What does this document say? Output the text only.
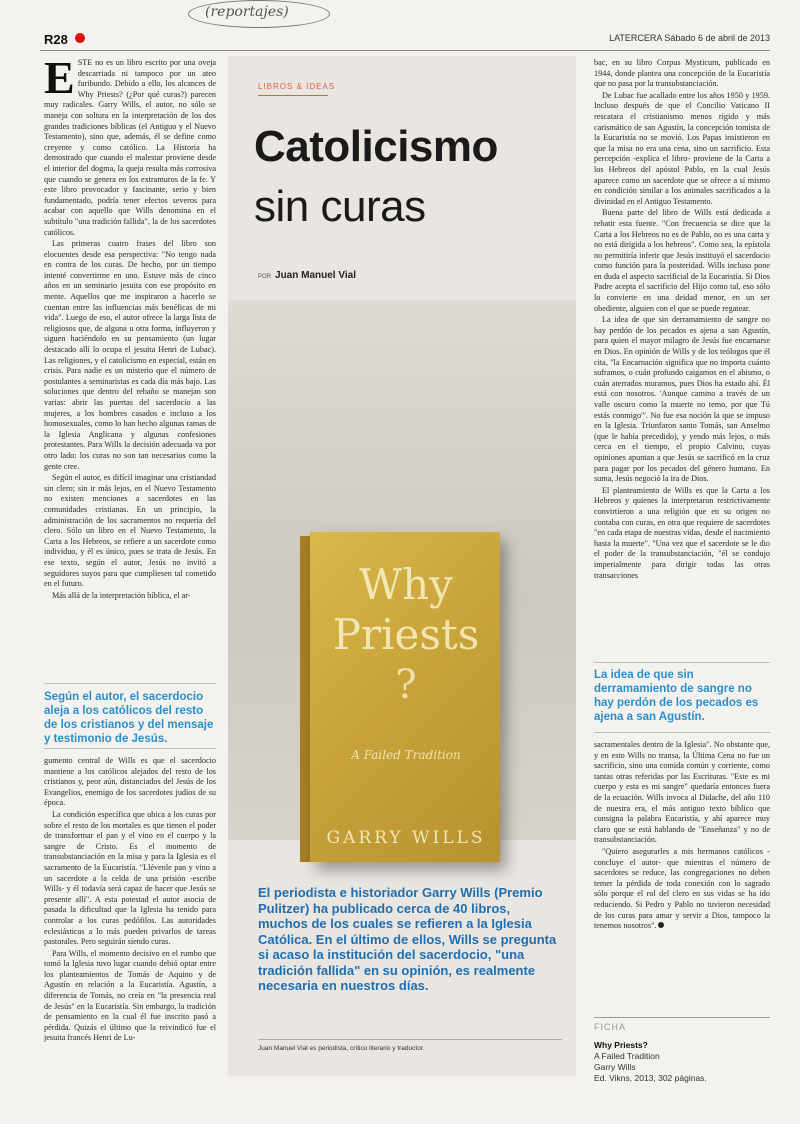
(reportajes)
R28	LATERCERA Sábado 6 de abril de 2013
E STE no es un libro escrito por una oveja descarriada ni tampoco por un ateo furibundo. Debido a ello, los alcances de Why Priests? (¿Por qué curas?) parecen muy radicales. Garry Wills, el autor, no sólo se maneja con soltura en la interpretación de los dos grandes tradiciones bíblicas (el Antiguo y el Nuevo Testamento), sino que, además, él se define como creyente y como católico. La Historia ha demostrado que cuando el malestar proviene desde el interior del dogma, la queja resulta más corrosiva que cuando se genera en los extramuros de la fe. Y este libro provocador y fascinante, serio y bien fundamentado, podría tener efectos severos para acabar con aquello que Wills denomina en el subtítulo "una tradición fallida", la de los sacerdotes católicos.

Las primeras cuatro frases del libro son elocuentes desde esa perspectiva: "No tengo nada en contra de los curas. De hecho, por un tiempo intenté convertirme en uno. Estuve más de cinco años en un seminario jesuita con ese propósito en mente. Aquellos que me inspiraron a hacerlo se cuentan entre las influencias más benéficas de mi vida". Luego de eso, el autor ofrece la larga lista de religiosos que, de alguna u otra forma, influyeron y siguen haciéndolo en su pensamiento (un lugar destacado allí lo ocupa el jesuita Henri de Lubac). Las religiones, y el catolicismo en especial, están en crisis. Para nadie es un misterio que el número de postulantes a seminaristas es cada día más bajo. Las soluciones que dentro del rebaño se manejan son varias: abrir las puertas del sacerdocio a las mujeres, a los hombres casados e incluso a los homosexuales, como lo han hecho algunas ramas de la Iglesia Anglicana y algunas confesiones protestantes. Para Wills la decisión adecuada va por otro lado: los curas no son tan necesarios como la gente cree.

Según el autor, es difícil imaginar una cristiandad sin clero; sin ir más lejos, en el Nuevo Testamento no existen menciones a sacerdotes en las comunidades cristianas. En un principio, la administración de los sacramentos no requería del clero. Sólo un libro en el Nuevo Testamento, la Carta a los Hebreos, se refiere a un sacerdote como individuo, y él es único, pues se trata de Jesús. En ese texto, según el autor, Jesús no invitó a seguidores suyos para que cumpliesen tal cometido en el futuro.

Más allá de la interpretación bíblica, el ar-

Según el autor, el sacerdocio aleja a los católicos del resto de los cristianos y del mensaje y testimonio de Jesús.

gumento central de Wills es que el sacerdocio mantiene a los católicos alejados del resto de los cristianos y, peor aún, distanciados del Jesús de los Evangelios, enemigo de los sacerdotes judíos de su época.

La condición específica que ubica a los curas por sobre el resto de los mortales es que tienen el poder de transformar el pan y el vino en el cuerpo y la sangre de Cristo. Es el momento de transubstanciación en la misa y para la Iglesia es el sacramento de la Eucaristía. "Llévenle pan y vino a un sacerdote a la celda de una prisión -escribe Wills- y él todavía será capaz de hacer que Jesús se presente allí". A esta potestad el autor asocia de pasada la dificultad que la Iglesia ha tenido para controlar a los curas pedófilos. Las autoridades eclesiásticas a lo más pueden privarlos de tareas pastorales. Pero seguirán siendo curas.

Para Wills, el momento decisivo en el rumbo que tomó la Iglesia tuvo lugar cuando debió optar entre los planteamientos de Tomás de Aquino y de Agustín en relación a la Eucaristía. Agustín, a diferencia de Tomás, no creía en "la presencia real de Jesús" en la Eucaristía. Sin embargo, la tradición de pensamiento en la cual él fue inscrito pasó a pérdida. Quizás el último que la reivindicó fue el jesuita francés Henri de Lu-

LIBROS & IDEAS
Catolicismo
sin curas
POR Juan Manuel Vial
Why
Priests
?
A Failed Tradition
GARRY WILLS
El periodista e historiador Garry Wills (Premio Pulitzer) ha publicado cerca de 40 libros, muchos de los cuales se refieren a la Iglesia Católica. En el último de ellos, Wills se pregunta si acaso la institución del sacerdocio, "una tradición fallida" en su opinión, es realmente necesaria en nuestros días.
Juan Manuel Vial es periodista, crítico literario y traductor.

bac, en su libro Corpus Mysticum, publicado en 1944, donde plantea una concepción de la Eucaristía que no pasa por la transubstanciación.

De Lubac fue acallado entre los años 1950 y 1959. Incluso después de que el Concilio Vaticano II rescatara el cristianismo menos rígido y más carismático de san Agustín, la concepción tomista de la Eucaristía no se movió. Los Papas insistieron en que la misa no era una cena, sino un sacrificio. Esta percepción -explica el libro- proviene de la Carta a los Hebreos del apóstol Pablo, en la cual Jesús aparece como un sacerdote que se ofrece a sí mismo en condición similar a los animales sacrificados a la divinidad en el Antiguo Testamento.

Buena parte del libro de Wills está dedicada a rebatir esta fuente. "Con frecuencia se dice que la Carta a los Hebreos no es de Pablo, no es una carta y no está dirigida a los hebreos". Como sea, la epístola no permitiría inferir que Jesús instituyó el sacerdocio como función para la posteridad. Wills incluso pone en duda el aspecto sacrificial de la Eucaristía. Si Dios Padre acepta el sacrificio del Hijo como tal, eso sólo lo convierte en una deidad menor, en un ser obediente, alguien con el que se puede regatear.

La idea de que sin derramamiento de sangre no hay perdón de los pecados es ajena a san Agustín, para quien el mayor milagro de Jesús fue encarnarse en Dios. En opinión de Wills y de los teólogos que él cita, "la Encarnación significa que no importa cuánto suframos, o cuán profundo caigamos en el abismo, o cuán aterrados muramos, pues Dios ha estado ahí. Él está con nosotros. 'Aunque camino a través de un valle oscuro como la muerte no temo, por que Tú estás conmigo'". No fue esa noción la que se impuso en la Iglesia. Triunfaron santo Tomás, san Anselmo (que le había precedido), y yendo más lejos, o más cerca en el tiempo, el propio Calvino, cuyas opiniones apuntan a que Jesús se sacrificó en la cruz para pagar por los pecados del género humano. En suma, Jesús negoció la ira de Dios.

El planteamiento de Wills es que la Carta a los Hebreos y quienes la interpretaron restrictivamente convirtieron a una religión que en su origen no contaba con curas, en otra que requiere de sacerdotes "en cada etapa de nuestras vidas, desde el nacimiento hasta la muerte". "Una vez que el sacerdote se le dio el poder de la transubstanciación, "él se condujo imperialmente para dirigir todas las otras transacciones

La idea de que sin derramamiento de sangre no hay perdón de los pecados es ajena a san Agustín.

sacramentales dentro de la Iglesia". No obstante que, y en esto Wills no transa, la Última Cena no fue un sacrificio, sino una comida común y corriente, como tantas otras referidas por las Escrituras. "Este es mi cuerpo y esta es mi sangre" quedaría entonces fuera de la ecuación. Wills invoca al Didache, del año 110 de nuestra era, el más antiguo texto bíblico que consigna la palabra Eucaristía, y ahí aparece muy claro que se está hablando de "Enseñanza" y no de transubstanciación.

"Quiero asegurarles a mis hermanos católicos -concluye el autor- que mientras el número de sacerdotes se reduce, las congregaciones no deben temer la pérdida de toda conexión con lo sagrado sólo porque el rol del clero en sus vidas se ha ido reduciendo. Si Pedro y Pablo no tuvieron necesidad de los curas para amar y servir a Dios, tampoco la tenemos nosotros".

FICHA
Why Priests?
A Failed Tradition
Garry Wills
Ed. Vikns, 2013, 302 páginas.
